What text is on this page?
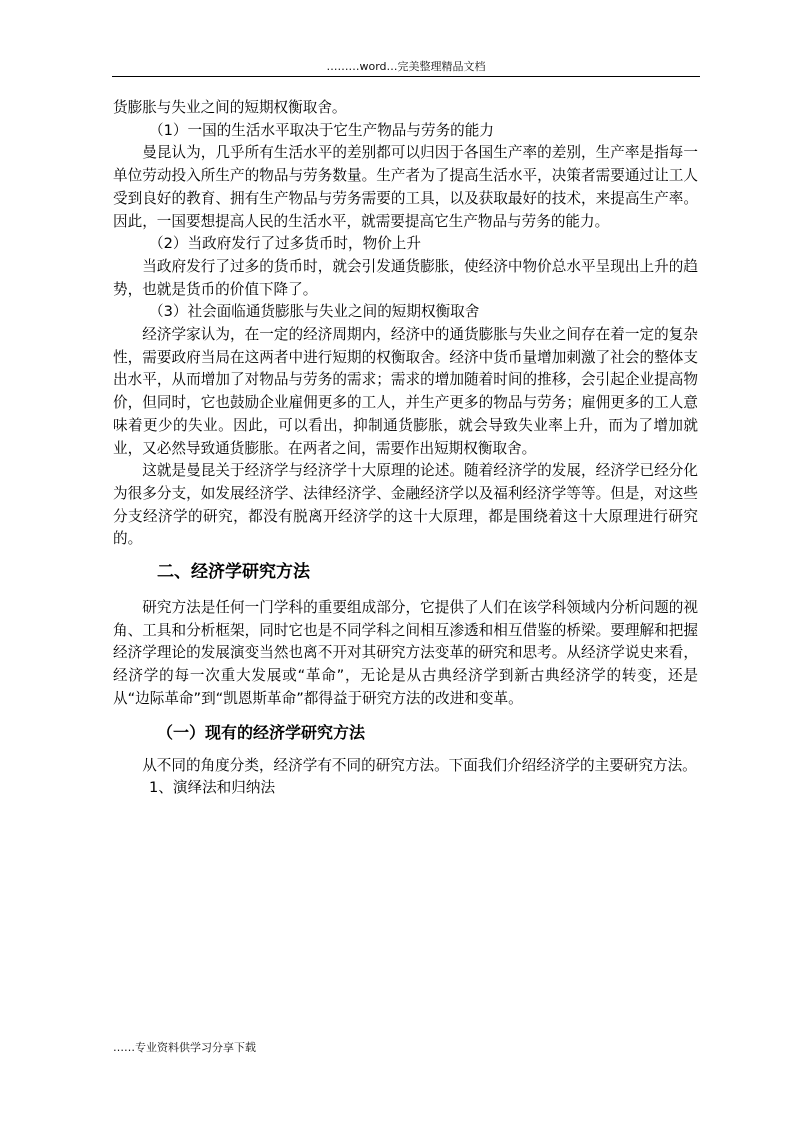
………word…完美整理精品文档

货膨胀与失业之间的短期权衡取舍。

（1）一国的生活水平取决于它生产物品与劳务的能力

曼昆认为，几乎所有生活水平的差别都可以归因于各国生产率的差别，生产率是指每一单位劳动投入所生产的物品与劳务数量。生产者为了提高生活水平，决策者需要通过让工人受到良好的教育、拥有生产物品与劳务需要的工具，以及获取最好的技术，来提高生产率。因此，一国要想提高人民的生活水平，就需要提高它生产物品与劳务的能力。

（2）当政府发行了过多货币时，物价上升

当政府发行了过多的货币时，就会引发通货膨胀，使经济中物价总水平呈现出上升的趋势，也就是货币的价值下降了。

（3）社会面临通货膨胀与失业之间的短期权衡取舍

经济学家认为，在一定的经济周期内，经济中的通货膨胀与失业之间存在着一定的复杂性，需要政府当局在这两者中进行短期的权衡取舍。经济中货币量增加刺激了社会的整体支出水平，从而增加了对物品与劳务的需求；需求的增加随着时间的推移，会引起企业提高物价，但同时，它也鼓励企业雇佣更多的工人，并生产更多的物品与劳务；雇佣更多的工人意味着更少的失业。因此，可以看出，抑制通货膨胀，就会导致失业率上升，而为了增加就业，又必然导致通货膨胀。在两者之间，需要作出短期权衡取舍。

这就是曼昆关于经济学与经济学十大原理的论述。随着经济学的发展，经济学已经分化为很多分支，如发展经济学、法律经济学、金融经济学以及福利经济学等等。但是，对这些分支经济学的研究，都没有脱离开经济学的这十大原理，都是围绕着这十大原理进行研究的。

二、经济学研究方法

研究方法是任何一门学科的重要组成部分，它提供了人们在该学科领域内分析问题的视角、工具和分析框架，同时它也是不同学科之间相互渗透和相互借鉴的桥梁。要理解和把握经济学理论的发展演变当然也离不开对其研究方法变革的研究和思考。从经济学说史来看，经济学的每一次重大发展或“革命”，无论是从古典经济学到新古典经济学的转变，还是从“边际革命”到“凯恩斯革命”都得益于研究方法的改进和变革。

（一）现有的经济学研究方法

从不同的角度分类，经济学有不同的研究方法。下面我们介绍经济学的主要研究方法。

1、演绎法和归纳法

……专业资料供学习分享下载
